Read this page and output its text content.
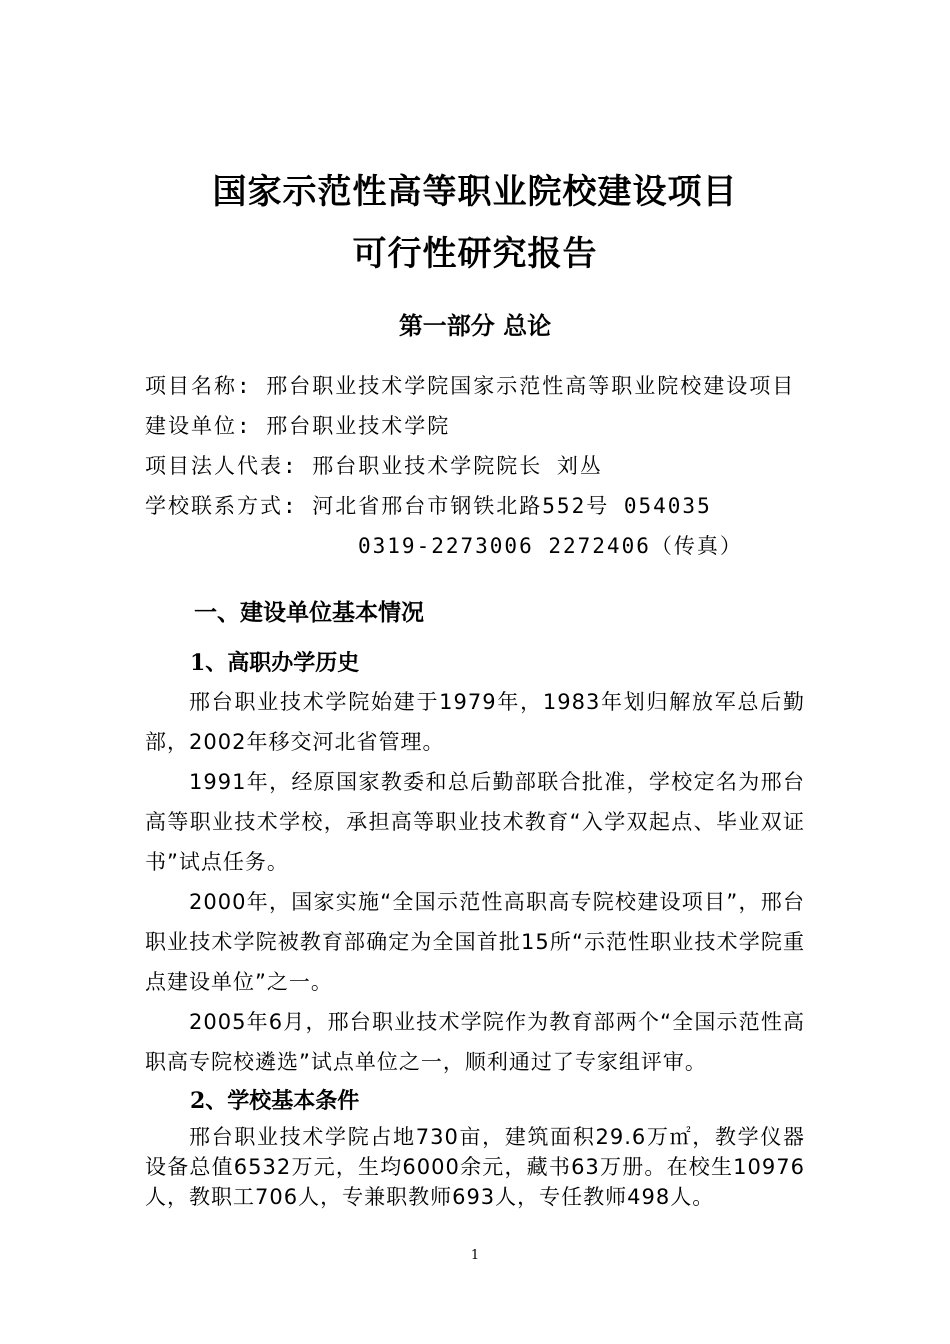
国家示范性高等职业院校建设项目
可行性研究报告
第一部分 总论
项目名称: 邢台职业技术学院国家示范性高等职业院校建设项目
建设单位: 邢台职业技术学院
项目法人代表: 邢台职业技术学院院长 刘丛
学校联系方式: 河北省邢台市钢铁北路552号 054035
0319-2273006 2272406（传真）
一、建设单位基本情况
1、高职办学历史
邢台职业技术学院始建于1979年，1983年划归解放军总后勤部，2002年移交河北省管理。
1991年，经原国家教委和总后勤部联合批准，学校定名为邢台高等职业技术学校，承担高等职业技术教育“入学双起点、毕业双证书”试点任务。
2000年，国家实施“全国示范性高职高专院校建设项目”，邢台职业技术学院被教育部确定为全国首批15所“示范性职业技术学院重点建设单位”之一。
2005年6月，邢台职业技术学院作为教育部两个“全国示范性高职高专院校遴选”试点单位之一，顺利通过了专家组评审。
2、学校基本条件
邢台职业技术学院占地730亩，建筑面积29.6万㎡，教学仪器设备总值6532万元，生均6000余元，藏书63万册。在校生10976人，教职工706人，专兼职教师693人，专任教师498人。
1
